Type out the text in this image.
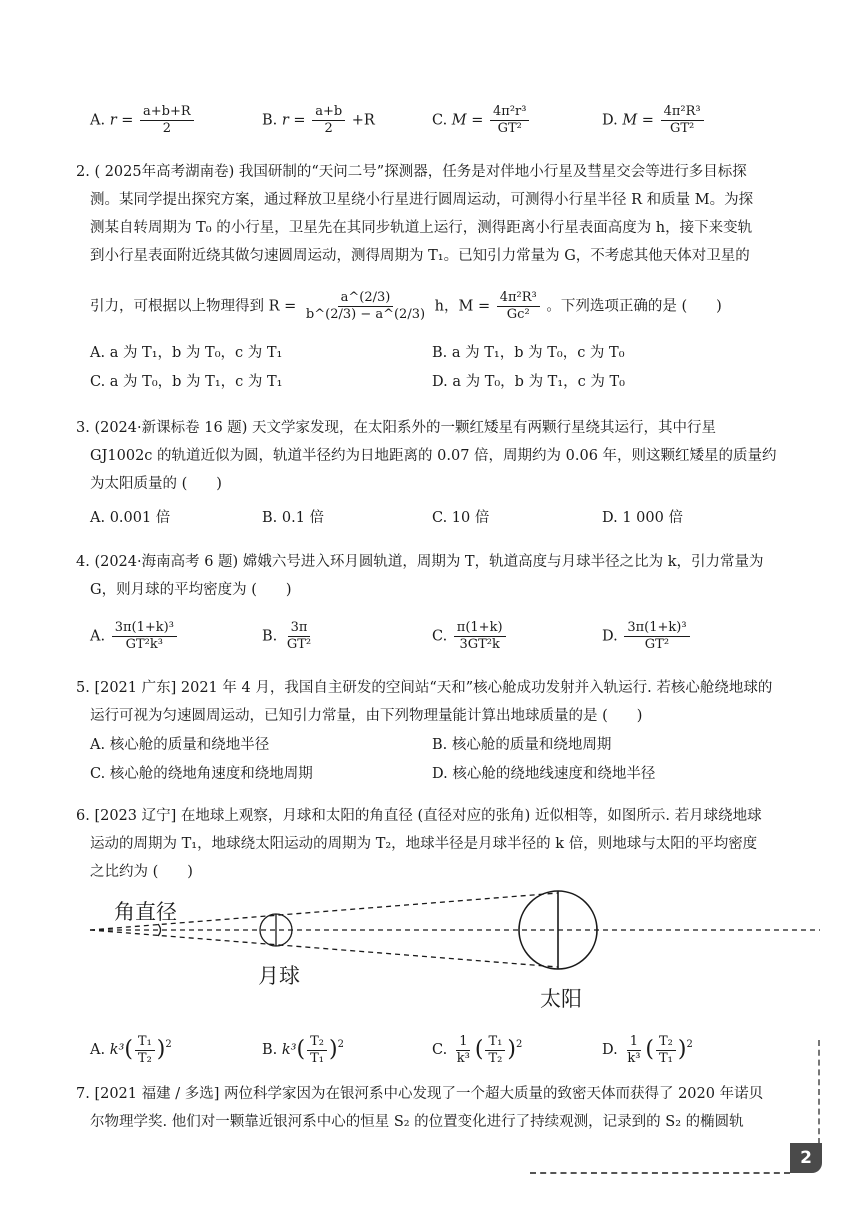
A. $r = \frac{a+b+R}{2}$	B. $r = \frac{a+b}{2} +R$	C. $M = \frac{\text{4π²r³}}{\text{GT²}}$	D. $M = \frac{\text{4π²R³}}{\text{GT²}}$
2. ( 2025年高考湖南卷) 我国研制的“天问二号”探测器，任务是对伴地小行星及彗星交会等进行多目标探
测。某同学提出探究方案，通过释放卫星绕小行星进行圆周运动，可测得小行星半径 R 和质量 M。为探
测某自转周期为 T₀ 的小行星，卫星先在其同步轨道上运行，测得距离小行星表面高度为 h，接下来变轨
到小行星表面附近绕其做匀速圆周运动，测得周期为 T₁。已知引力常量为 G，不考虑其他天体对卫星的
引力，可根据以上物理得到 $R = \frac{a\^{}(2/3)}{b\^{}(2/3) - a\^{}(2/3)}$ h，$M = \frac{\text{4π²R³}}{\text{Gc²}}$ 。下列选项正确的是 (　　)
A. a 为 T₁，b 为 T₀，c 为 T₁	B. a 为 T₁，b 为 T₀，c 为 T₀
C. a 为 T₀，b 为 T₁，c 为 T₁	D. a 为 T₀，b 为 T₁，c 为 T₀
3. (2024·新课标卷 16 题) 天文学家发现，在太阳系外的一颗红矮星有两颗行星绕其运行，其中行星
GJ1002c 的轨道近似为圆，轨道半径约为日地距离的 0.07 倍，周期约为 0.06 年，则这颗红矮星的质量约
为太阳质量的 (　　)
A. 0.001 倍	B. 0.1 倍	C. 10 倍	D. 1 000 倍
4. (2024·海南高考 6 题) 嫦娥六号进入环月圆轨道，周期为 T，轨道高度与月球半径之比为 k，引力常量为
G，则月球的平均密度为 (　　)
A. $\frac{\text{3π(1+k)³}}{\text{GT²k³}}$	B. $\frac{3\pi}{\text{GT²}}$	C. $\frac{\pi(1+k)}{\text{3GT²k}}$	D. $\frac{\text{3π(1+k)³}}{\text{GT²}}$
5. [2021 广东] 2021 年 4 月，我国自主研发的空间站“天和”核心舱成功发射并入轨运行. 若核心舱绕地球的
运行可视为匀速圆周运动，已知引力常量，由下列物理量能计算出地球质量的是 (　　)
A. 核心舱的质量和绕地半径	B. 核心舱的质量和绕地周期
C. 核心舱的绕地角速度和绕地周期	D. 核心舱的绕地线速度和绕地半径
6. [2023 辽宁] 在地球上观察，月球和太阳的角直径 (直径对应的张角) 近似相等，如图所示. 若月球绕地球
运动的周期为 T₁，地球绕太阳运动的周期为 T₂，地球半径是月球半径的 k 倍，则地球与太阳的平均密度
之比约为 (　　)
角直径
月球
太阳
A. $k^3( \frac{\text{T₁}}{\text{T₂}} )^2$	B. $k^3( \frac{\text{T₂}}{\text{T₁}} )^2$	C. $\frac{1}{\text{k³}}$ ( $\frac{\text{T₁}}{\text{T₂}} )^2$	D. $\frac{1}{\text{k³}}$ ( $\frac{\text{T₂}}{\text{T₁}} )^2$
7. [2021 福建 / 多选] 两位科学家因为在银河系中心发现了一个超大质量的致密天体而获得了 2020 年诺贝
尔物理学奖. 他们对一颗靠近银河系中心的恒星 S₂ 的位置变化进行了持续观测，记录到的 S₂ 的椭圆轨
2
